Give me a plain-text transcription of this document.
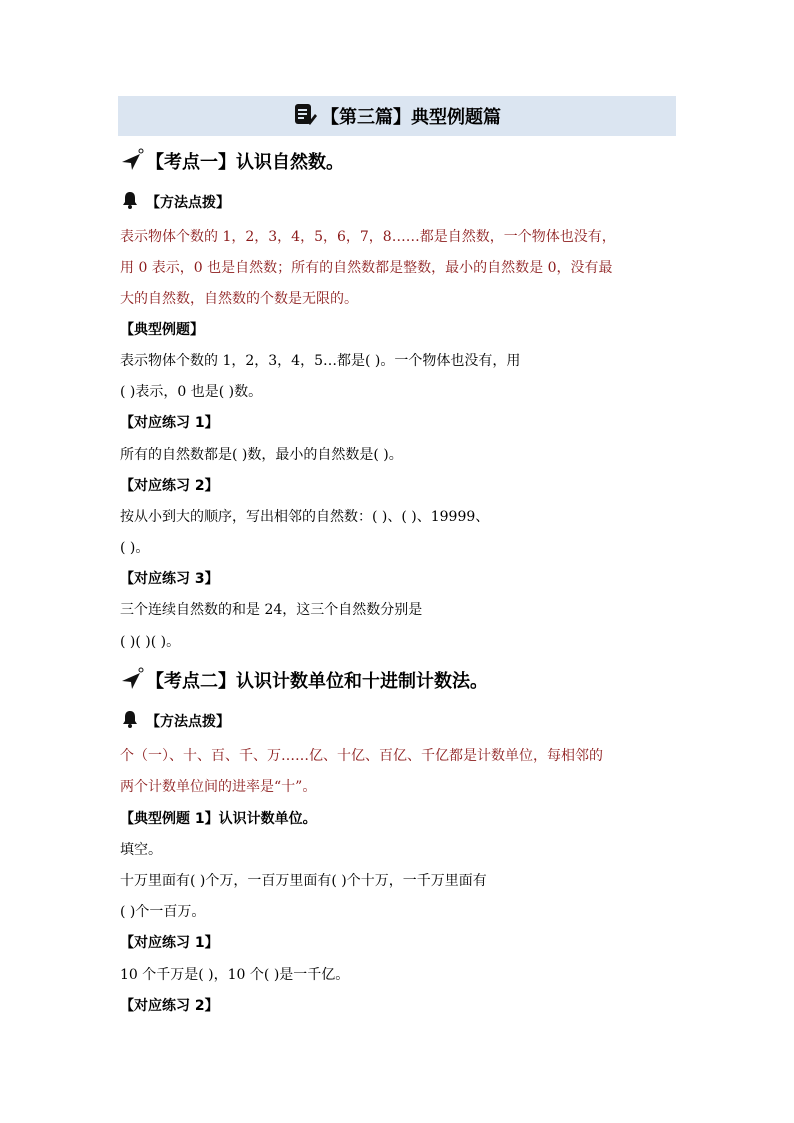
【第三篇】典型例题篇
【考点一】认识自然数。
【方法点拨】
表示物体个数的 1，2，3，4，5，6，7，8……都是自然数，一个物体也没有，
用 0 表示，0 也是自然数；所有的自然数都是整数，最小的自然数是 0，没有最
大的自然数，自然数的个数是无限的。
【典型例题】
表示物体个数的 1，2，3，4，5…都是( )。一个物体也没有，用
( )表示，0 也是( )数。
【对应练习 1】
所有的自然数都是( )数，最小的自然数是( )。
【对应练习 2】
按从小到大的顺序，写出相邻的自然数：( )、( )、19999、
( )。
【对应练习 3】
三个连续自然数的和是 24，这三个自然数分别是
( )( )( )。
【考点二】认识计数单位和十进制计数法。
【方法点拨】
个（一）、十、百、千、万……亿、十亿、百亿、千亿都是计数单位，每相邻的
两个计数单位间的进率是“十”。
【典型例题 1】认识计数单位。
填空。
十万里面有( )个万，一百万里面有( )个十万，一千万里面有
( )个一百万。
【对应练习 1】
10 个千万是( )，10 个( )是一千亿。
【对应练习 2】
